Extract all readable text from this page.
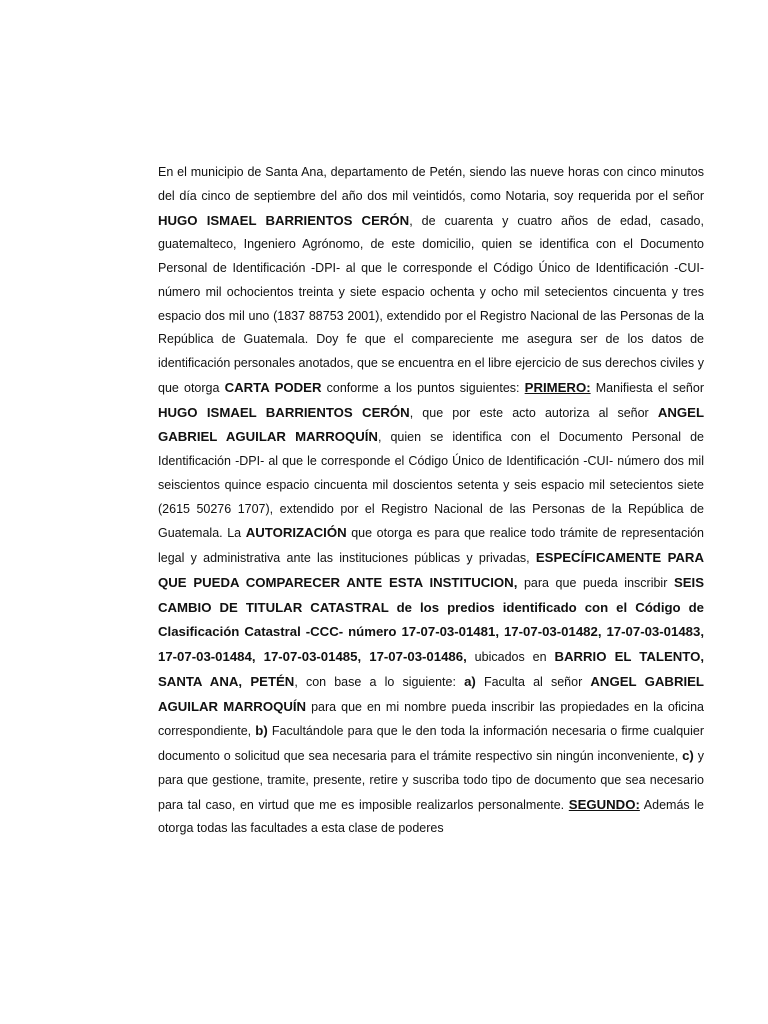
En el municipio de Santa Ana, departamento de Petén, siendo las nueve horas con cinco minutos del día cinco de septiembre del año dos mil veintidós, como Notaria, soy requerida por el señor HUGO ISMAEL BARRIENTOS CERÓN, de cuarenta y cuatro años de edad, casado, guatemalteco, Ingeniero Agrónomo, de este domicilio, quien se identifica con el Documento Personal de Identificación -DPI- al que le corresponde el Código Único de Identificación -CUI- número mil ochocientos treinta y siete espacio ochenta y ocho mil setecientos cincuenta y tres espacio dos mil uno (1837 88753 2001), extendido por el Registro Nacional de las Personas de la República de Guatemala. Doy fe que el compareciente me asegura ser de los datos de identificación personales anotados, que se encuentra en el libre ejercicio de sus derechos civiles y que otorga CARTA PODER conforme a los puntos siguientes: PRIMERO: Manifiesta el señor HUGO ISMAEL BARRIENTOS CERÓN, que por este acto autoriza al señor ANGEL GABRIEL AGUILAR MARROQUÍN, quien se identifica con el Documento Personal de Identificación -DPI- al que le corresponde el Código Único de Identificación -CUI- número dos mil seiscientos quince espacio cincuenta mil doscientos setenta y seis espacio mil setecientos siete (2615 50276 1707), extendido por el Registro Nacional de las Personas de la República de Guatemala. La AUTORIZACIÓN que otorga es para que realice todo trámite de representación legal y administrativa ante las instituciones públicas y privadas, ESPECÍFICAMENTE PARA QUE PUEDA COMPARECER ANTE ESTA INSTITUCION, para que pueda inscribir SEIS CAMBIO DE TITULAR CATASTRAL de los predios identificado con el Código de Clasificación Catastral -CCC- número 17-07-03-01481, 17-07-03-01482, 17-07-03-01483, 17-07-03-01484, 17-07-03-01485, 17-07-03-01486, ubicados en BARRIO EL TALENTO, SANTA ANA, PETÉN, con base a lo siguiente: a) Faculta al señor ANGEL GABRIEL AGUILAR MARROQUÍN para que en mi nombre pueda inscribir las propiedades en la oficina correspondiente, b) Facultándole para que le den toda la información necesaria o firme cualquier documento o solicitud que sea necesaria para el trámite respectivo sin ningún inconveniente, c) y para que gestione, tramite, presente, retire y suscriba todo tipo de documento que sea necesario para tal caso, en virtud que me es imposible realizarlos personalmente. SEGUNDO: Además le otorga todas las facultades a esta clase de poderes
